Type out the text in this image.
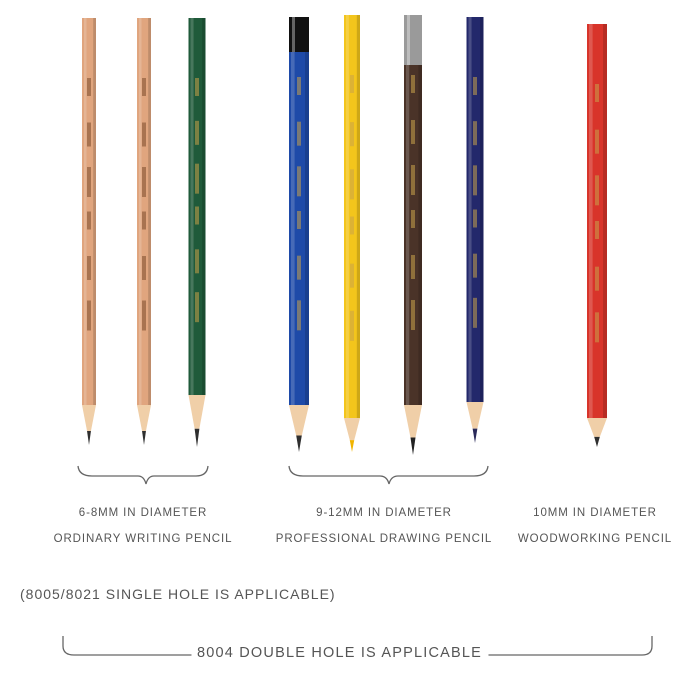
6-8MM IN DIAMETER
ORDINARY WRITING PENCIL
9-12MM IN DIAMETER
PROFESSIONAL DRAWING PENCIL
10MM IN DIAMETER
WOODWORKING PENCIL
(8005/8021 SINGLE HOLE IS APPLICABLE)
8004 DOUBLE HOLE IS APPLICABLE
